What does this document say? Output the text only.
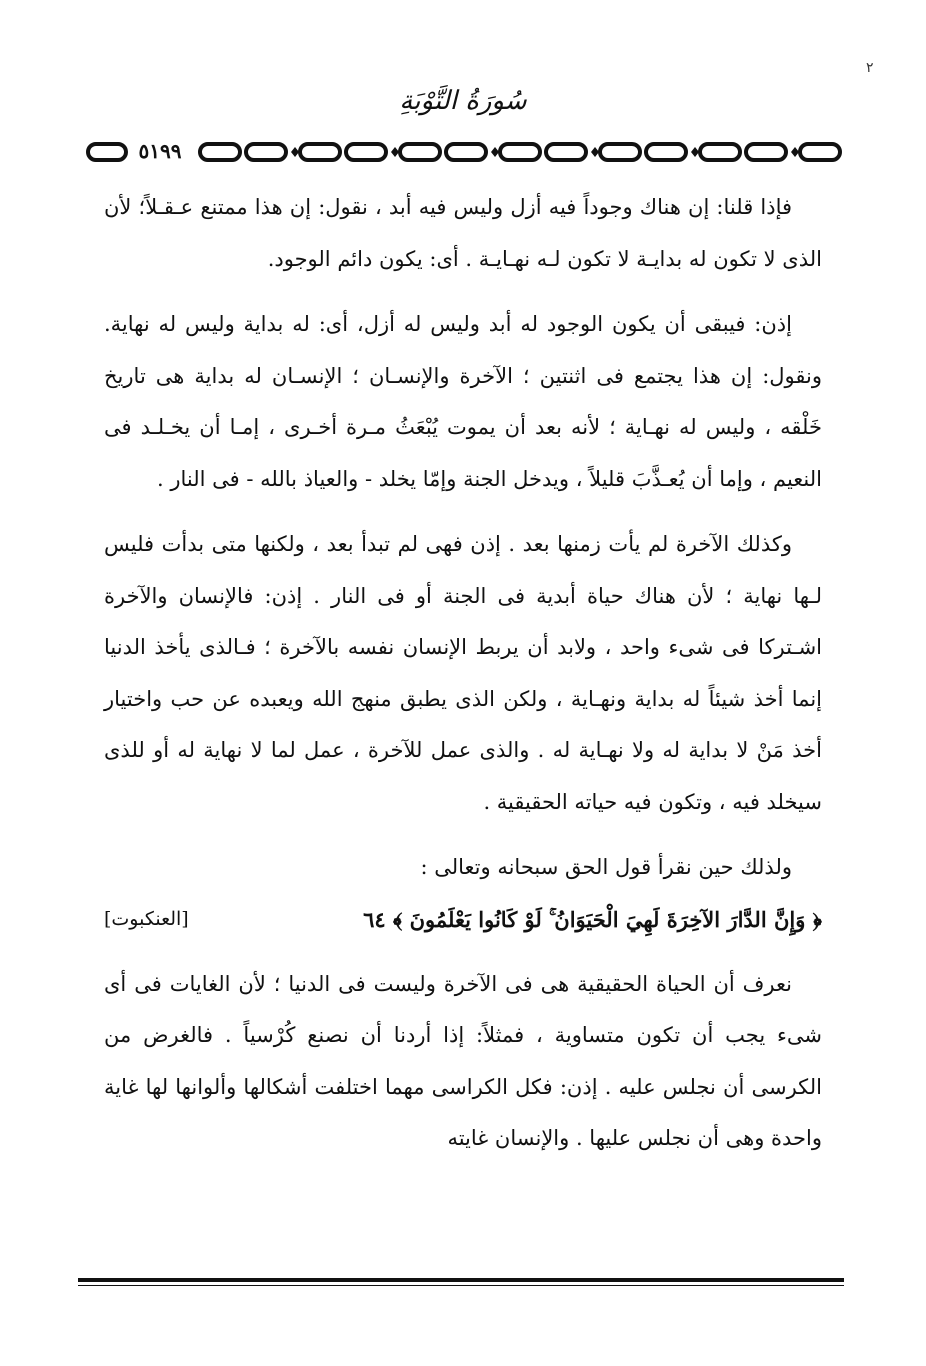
٢
سُورَةُ التَّوْبَةِ
٥١٩٩

فإذا قلنا: إن هناك وجوداً فيه أزل وليس فيه أبد ، نقول: إن هذا ممتنع عـقـلاً؛ لأن الذى لا تكون له بدايـة لا تكون لـه نهـايـة . أى: يكون دائم الوجود.

إذن: فيبقى أن يكون الوجود له أبد وليس له أزل، أى: له بداية وليس له نهاية. ونقول: إن هذا يجتمع فى اثنتين ؛ الآخرة والإنسـان ؛ الإنسـان له بداية هى تاريخ خَلْقه ، وليس له نهـاية ؛ لأنه بعد أن يموت يُبْعَثُ مـرة أخـرى ، إمـا أن يخـلـد فى النعيم ، وإما أن يُعـذَّبَ قليلاً ، ويدخل الجنة وإمّا يخلد - والعياذ بالله - فى النار .

وكذلك الآخرة لم يأت زمنها بعد . إذن فهى لم تبدأ بعد ، ولكنها متى بدأت فليس لـها نهاية ؛ لأن هناك حياة أبدية فى الجنة أو فى النار . إذن: فالإنسان والآخرة اشـتركا فى شىء واحد ، ولابد أن يربط الإنسان نفسه بالآخرة ؛ فـالذى يأخذ الدنيا إنما أخذ شيئاً له بداية ونهـاية ، ولكن الذى يطبق منهج الله ويعبده عن حب واختيار أخذ مَنْ لا بداية له ولا نهـاية له . والذى عمل للآخرة ، عمل لما لا نهاية له أو للذى سيخلد فيه ، وتكون فيه حياته الحقيقية .

ولذلك حين نقرأ قول الحق سبحانه وتعالى :

﴿ وَإِنَّ الدَّارَ الآخِرَةَ لَهِيَ الْحَيَوَانُ ۚ لَوْ كَانُوا يَعْلَمُونَ ﴾ ٦٤
[العنكبوت]

نعرف أن الحياة الحقيقية هى فى الآخرة وليست فى الدنيا ؛ لأن الغايات فى أى شىء يجب أن تكون متساوية ، فمثلاً: إذا أردنا أن نصنع كُرْسياً . فالغرض من الكرسى أن نجلس عليه . إذن: فكل الكراسى مهما اختلفت أشكالها وألوانها لها غاية واحدة وهى أن نجلس عليها . والإنسان غايته
